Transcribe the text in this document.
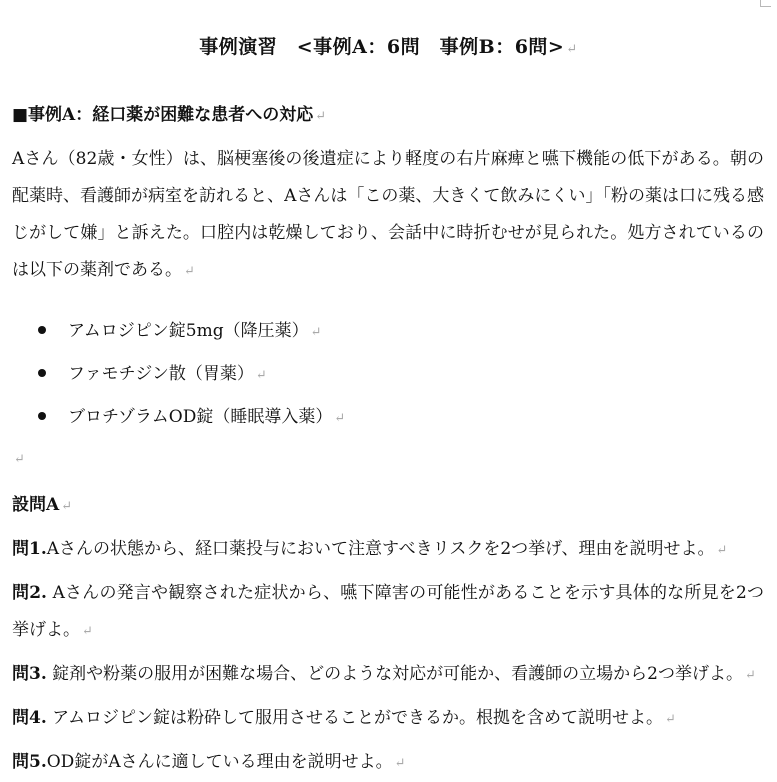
事例演習　<事例A：6問　事例B：6問> ↵
■事例A：経口薬が困難な患者への対応 ↵
Aさん（82歳・女性）は、脳梗塞後の後遺症により軽度の右片麻痺と嚥下機能の低下がある。朝の配薬時、看護師が病室を訪れると、Aさんは「この薬、大きくて飲みにくい」「粉の薬は口に残る感じがして嫌」と訴えた。口腔内は乾燥しており、会話中に時折むせが見られた。処方されているのは以下の薬剤である。 ↵
アムロジピン錠5mg（降圧薬） ↵
ファモチジン散（胃薬） ↵
ブロチゾラムOD錠（睡眠導入薬） ↵
↵
設問A ↵

問1.Aさんの状態から、経口薬投与において注意すべきリスクを2つ挙げ、理由を説明せよ。 ↵

問2. Aさんの発言や観察された症状から、嚥下障害の可能性があることを示す具体的な所見を2つ挙げよ。 ↵

問3. 錠剤や粉薬の服用が困難な場合、どのような対応が可能か、看護師の立場から2つ挙げよ。 ↵

問4. アムロジピン錠は粉砕して服用させることができるか。根拠を含めて説明せよ。 ↵

問5.OD錠がAさんに適している理由を説明せよ。 ↵
